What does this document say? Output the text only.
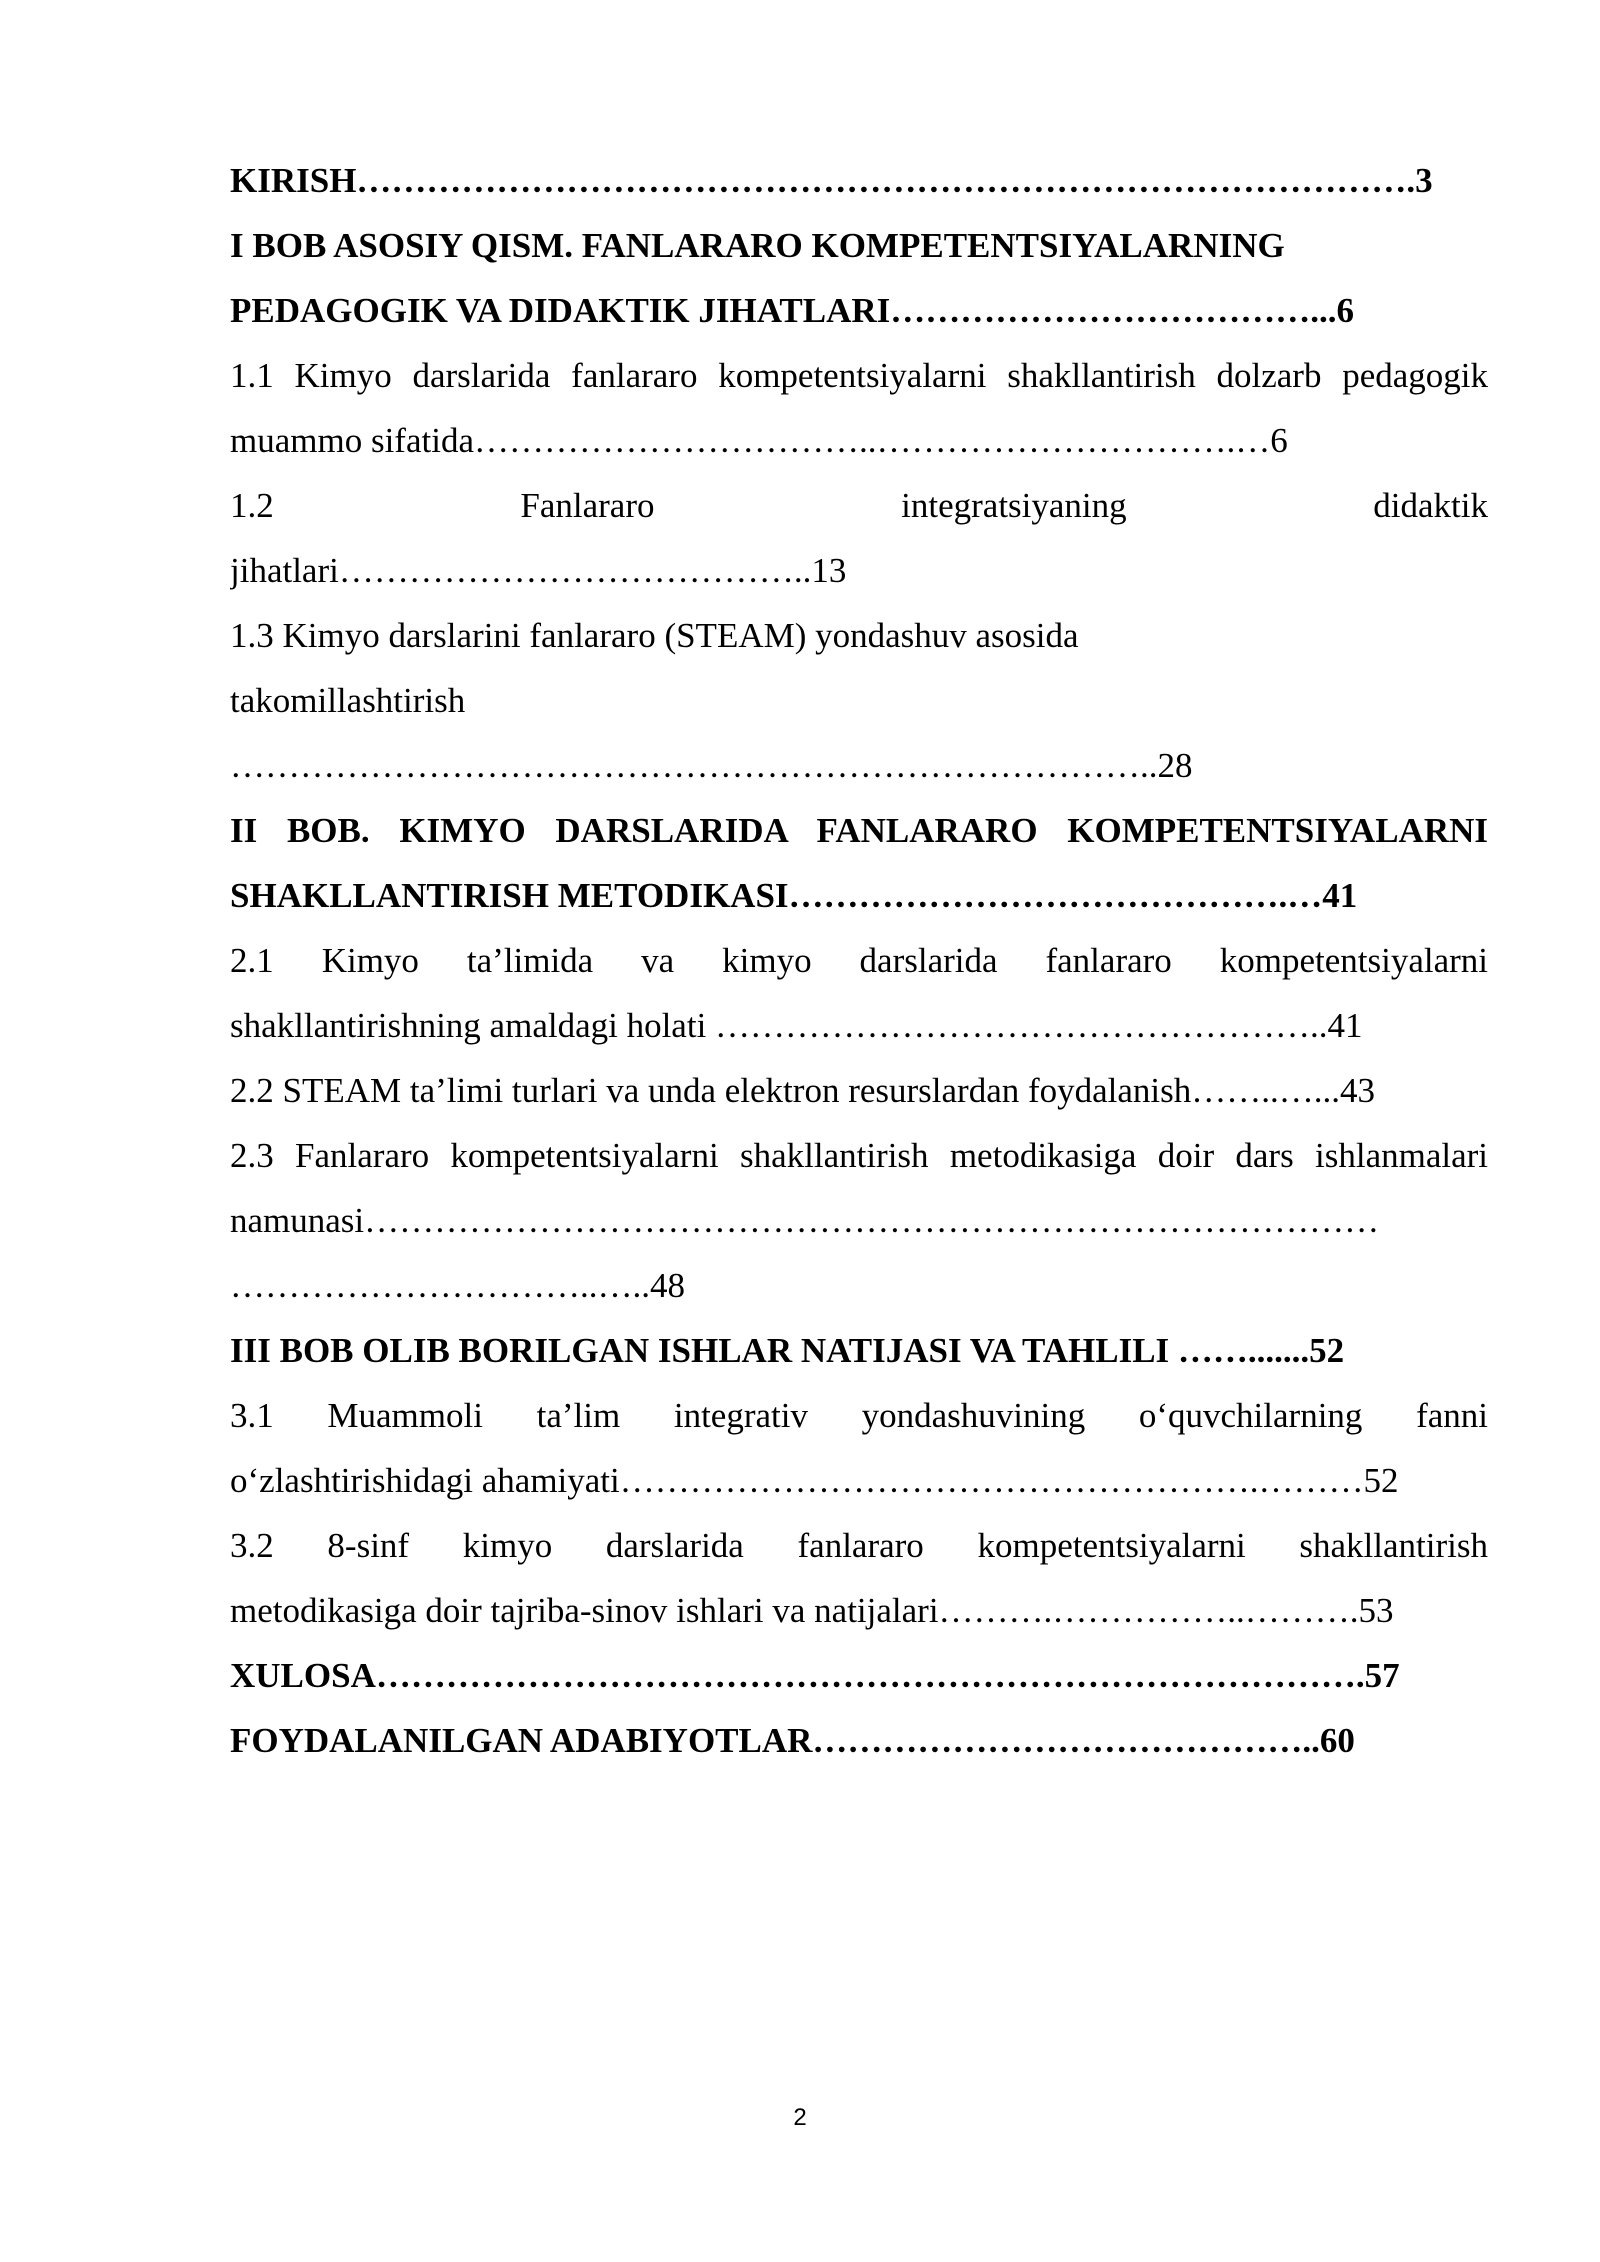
KIRISH……………………………………………………………………………….3
I BOB ASOSIY QISM. FANLARARO KOMPETENTSIYALARNING
PEDAGOGIK VA DIDAKTIK JIHATLARI………………………………...6
1.1 Kimyo darslarida fanlararo kompetentsiyalarni shakllantirish dolzarb pedagogik
muammo sifatida……………………………..………………………….…6
1.2 Fanlararo integratsiyaning didaktik
jihatlari…………………………………..13
1.3 Kimyo darslarini fanlararo (STEAM) yondashuv asosida
takomillashtirish
……………………………………………………………………..28
II BOB. KIMYO DARSLARIDA FANLARARO KOMPETENTSIYALARNI
SHAKLLANTIRISH METODIKASI…………………………………….…41
2.1 Kimyo ta’limida va kimyo darslarida fanlararo kompetentsiyalarni
shakllantirishning amaldagi holati ……………………………………………..41
2.2 STEAM ta’limi turlari va unda elektron resurslardan foydalanish……..…...43
2.3 Fanlararo kompetentsiyalarni shakllantirish metodikasiga doir dars ishlanmalari
namunasi……………………………………………………………………………
…………………………..…..48
III BOB OLIB BORILGAN ISHLAR NATIJASI VA TAHLILI …….......52
3.1 Muammoli ta’lim integrativ yondashuvining o‘quvchilarning fanni
o‘zlashtirishidagi ahamiyati……………………………………………….………52
3.2 8-sinf kimyo darslarida fanlararo kompetentsiyalarni shakllantirish
metodikasiga doir tajriba-sinov ishlari va natijalari……….……………..……….53
XULOSA………………………………………………………………………….57
FOYDALANILGAN ADABIYOTLAR……………………………………..60
2
